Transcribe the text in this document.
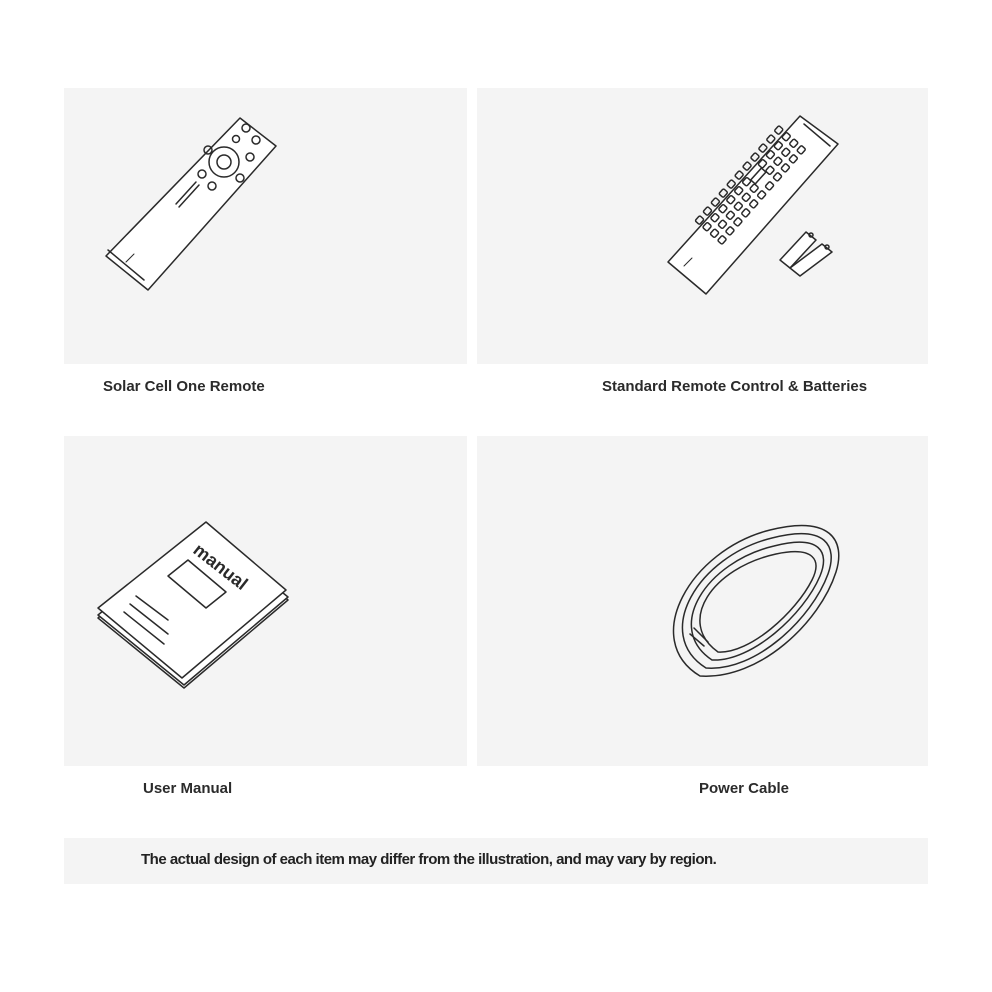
Solar Cell One Remote	Standard Remote Control & Batteries
manual
User Manual	Power Cable
The actual design of each item may differ from the illustration, and may vary by region.
